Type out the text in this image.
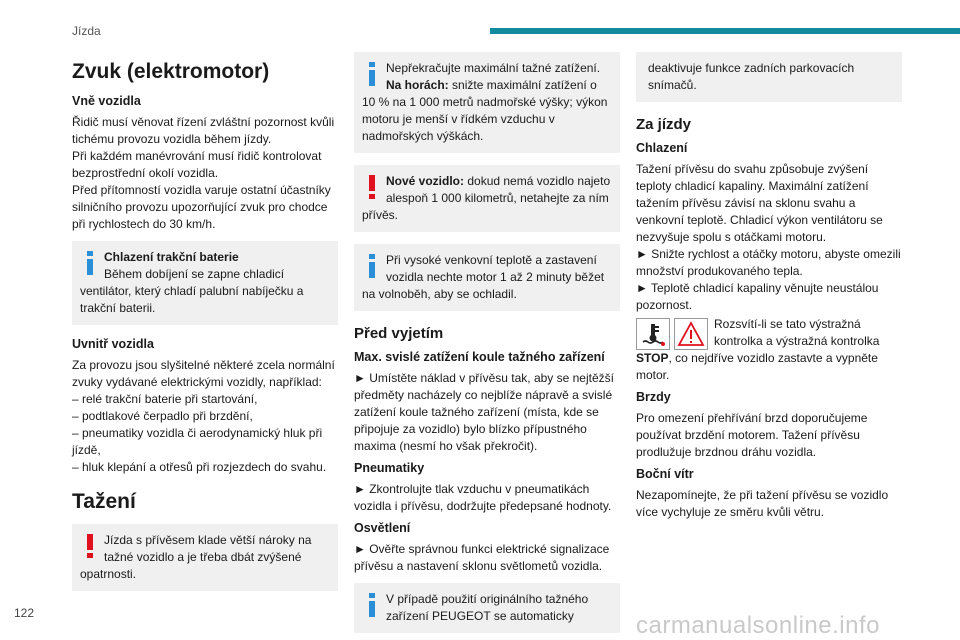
Jízda
Zvuk (elektromotor)
Vně vozidla
Řidič musí věnovat řízení zvláštní pozornost kvůli tichému provozu vozidla během jízdy.
Při každém manévrování musí řidič kontrolovat bezprostřední okolí vozidla.
Před přítomností vozidla varuje ostatní účastníky silničního provozu upozorňující zvuk pro chodce při rychlostech do 30 km/h.
Chlazení trakční baterie
Během dobíjení se zapne chladicí ventilátor, který chladí palubní nabíječku a trakční baterii.
Uvnitř vozidla
Za provozu jsou slyšitelné některé zcela normální zvuky vydávané elektrickými vozidly, například:
– relé trakční baterie při startování,
– podtlakové čerpadlo při brzdění,
– pneumatiky vozidla či aerodynamický hluk při jízdě,
– hluk klepání a otřesů při rozjezdech do svahu.
Tažení
Jízda s přívěsem klade větší nároky na tažné vozidlo a je třeba dbát zvýšené opatrnosti.
Nepřekračujte maximální tažné zatížení.
Na horách: snižte maximální zatížení o 10 % na 1 000 metrů nadmořské výšky; výkon motoru je menší v řídkém vzduchu v nadmořských výškách.
Nové vozidlo: dokud nemá vozidlo najeto alespoň 1 000 kilometrů, netahejte za ním přívěs.
Při vysoké venkovní teplotě a zastavení vozidla nechte motor 1 až 2 minuty běžet na volnoběh, aby se ochladil.
Před vyjetím
Max. svislé zatížení koule tažného zařízení
► Umístěte náklad v přívěsu tak, aby se nejtěžší předměty nacházely co nejblíže nápravě a svislé zatížení koule tažného zařízení (místa, kde se připojuje za vozidlo) bylo blízko přípustného maxima (nesmí ho však překročit).
Pneumatiky
► Zkontrolujte tlak vzduchu v pneumatikách vozidla i přívěsu, dodržujte předepsané hodnoty.
Osvětlení
► Ověřte správnou funkci elektrické signalizace přívěsu a nastavení sklonu světlometů vozidla.
V případě použití originálního tažného zařízení PEUGEOT se automaticky
deaktivuje funkce zadních parkovacích snímačů.
Za jízdy
Chlazení
Tažení přívěsu do svahu způsobuje zvýšení teploty chladicí kapaliny. Maximální zatížení tažením přívěsu závisí na sklonu svahu a venkovní teplotě. Chladicí výkon ventilátoru se nezvyšuje spolu s otáčkami motoru.
► Snižte rychlost a otáčky motoru, abyste omezili množství produkovaného tepla.
► Teplotě chladicí kapaliny věnujte neustálou pozornost.
Rozsvítí-li se tato výstražná kontrolka a výstražná kontrolka STOP, co nejdříve vozidlo zastavte a vypněte motor.
Brzdy
Pro omezení přehřívání brzd doporučujeme používat brzdění motorem. Tažení přívěsu prodlužuje brzdnou dráhu vozidla.
Boční vítr
Nezapomínejte, že při tažení přívěsu se vozidlo více vychyluje ze směru kvůli větru.
122	carmanualsonline.info
